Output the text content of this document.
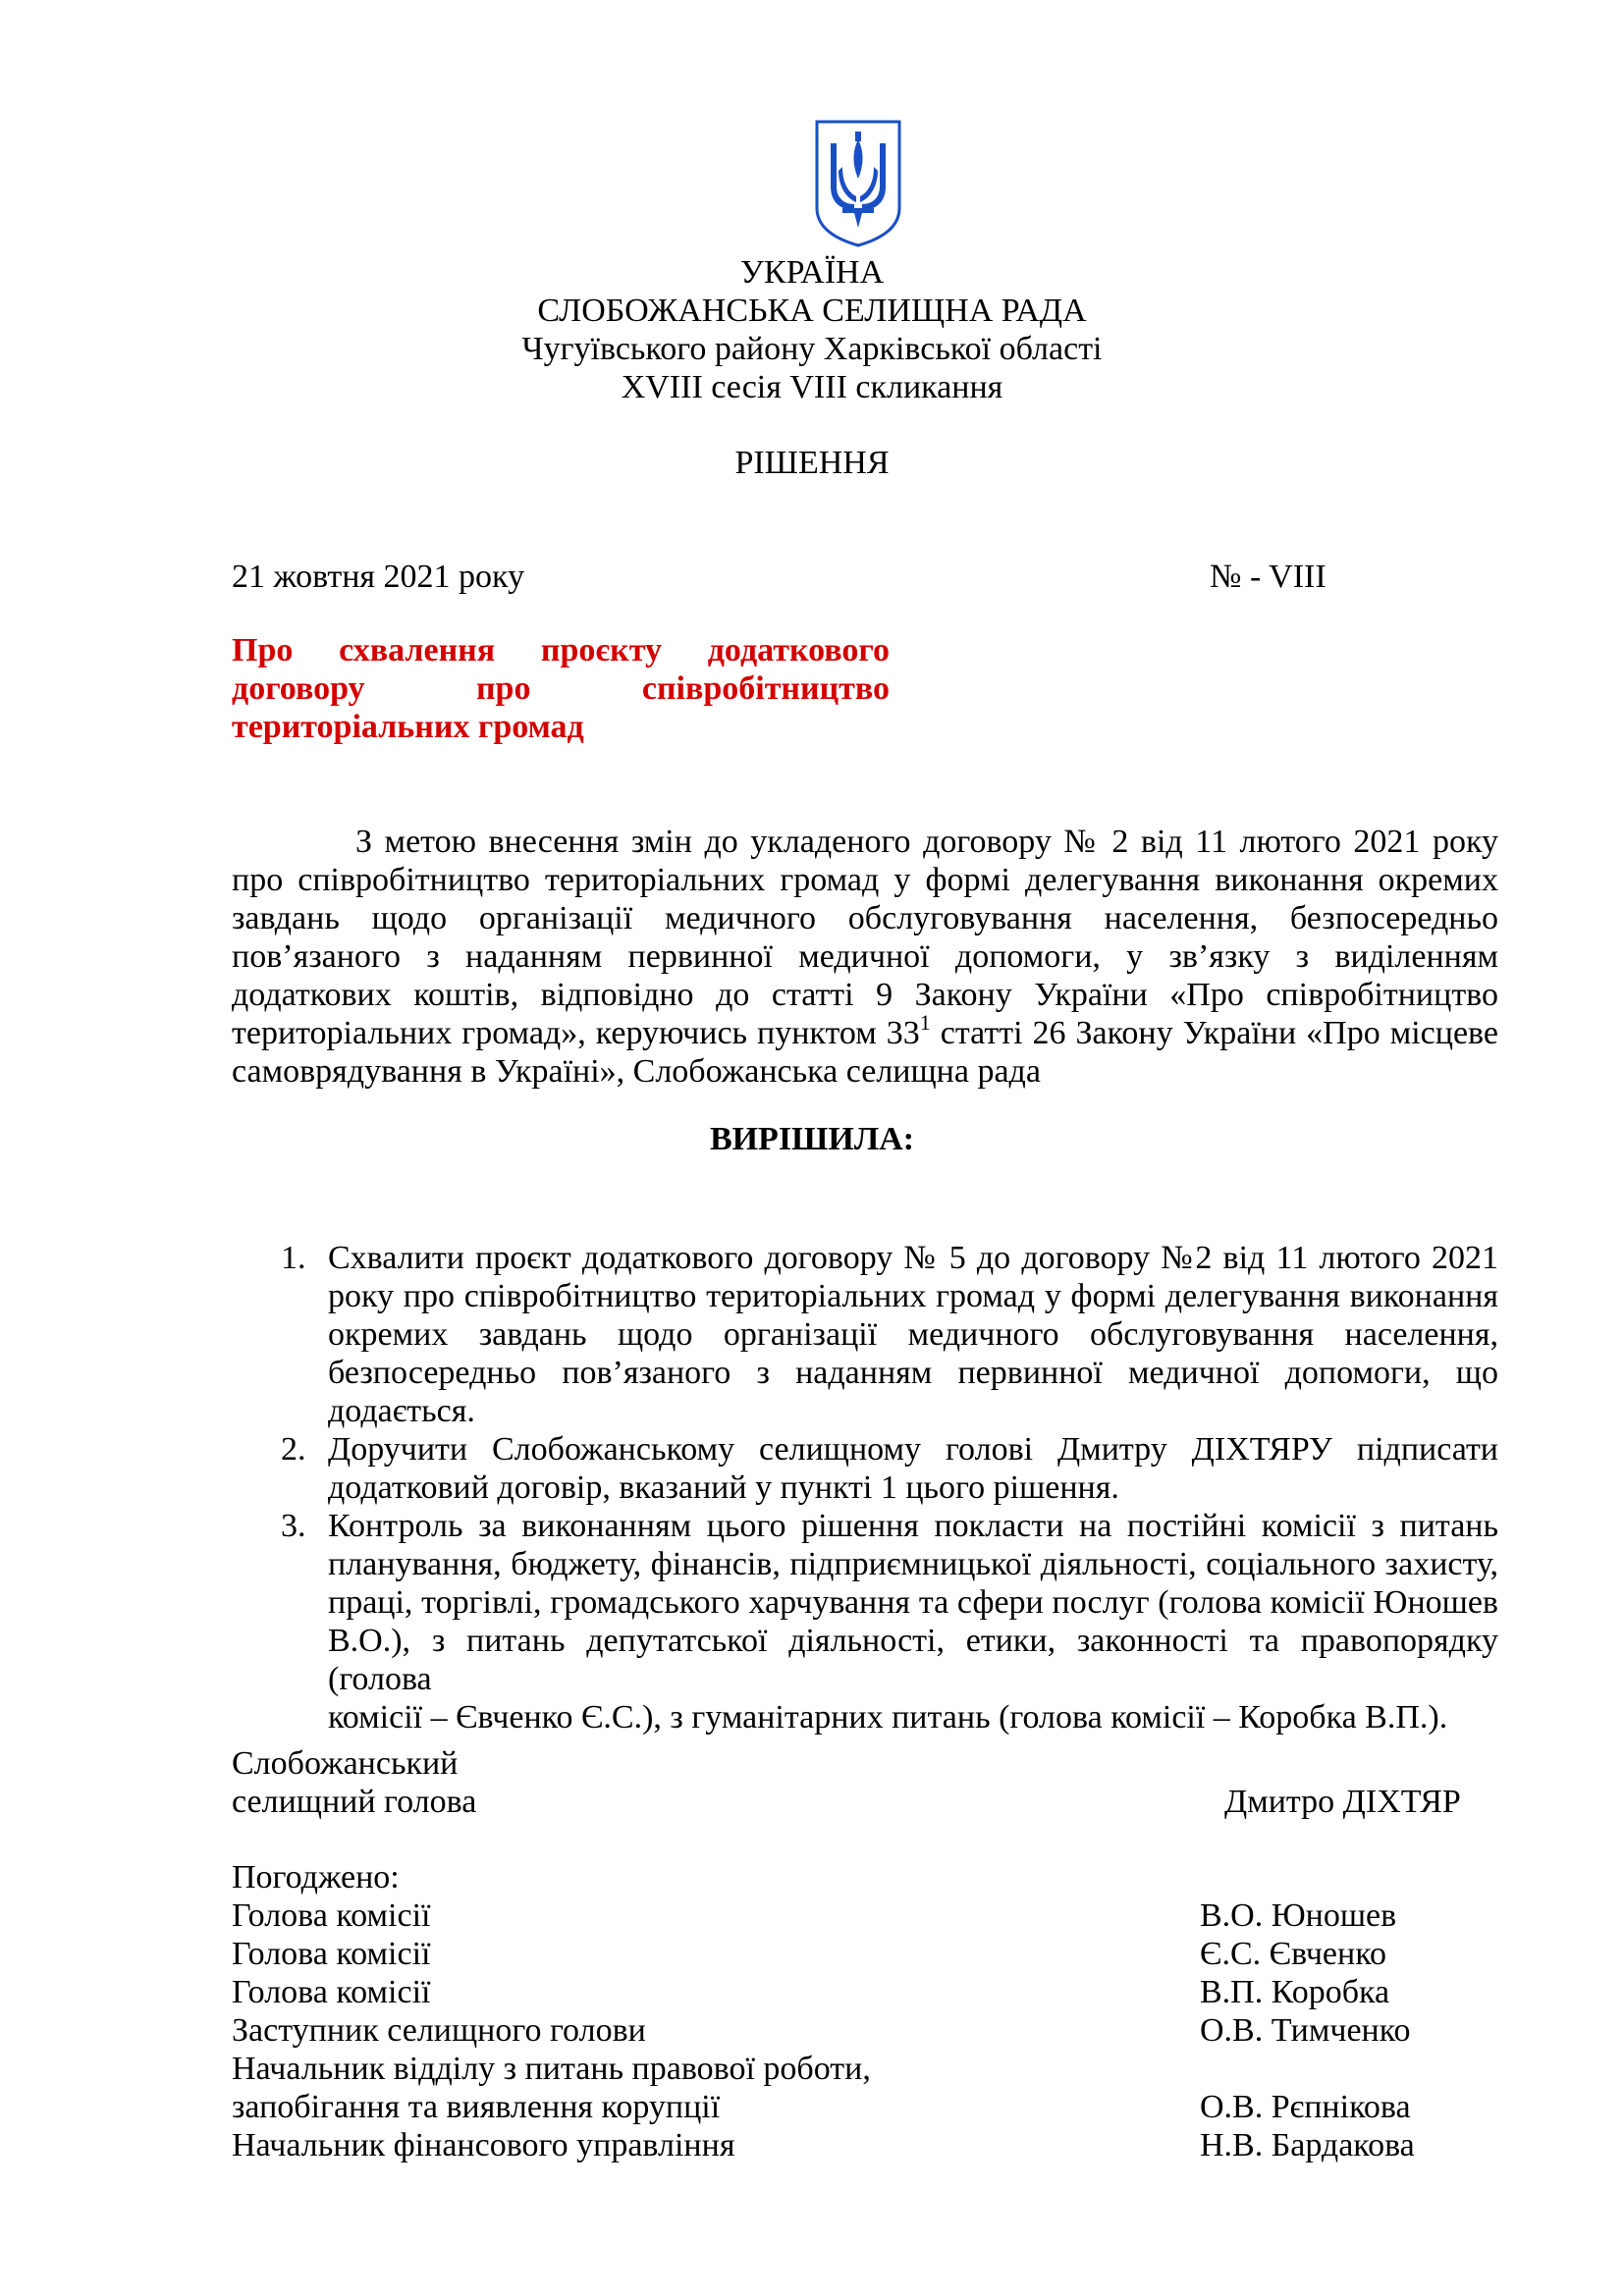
УКРАЇНА
СЛОБОЖАНСЬКА СЕЛИЩНА РАДА
Чугуївського району Харківської області
XVIII сесія VIII скликання
РІШЕННЯ
21 жовтня 2021 року	№ - VIII
Про схвалення проєкту додаткового
договору про співробітництво
територіальних громад
З метою внесення змін до укладеного договору № 2 від 11 лютого 2021 року
про співробітництво територіальних громад у формі делегування виконання окремих
завдань щодо організації медичного обслуговування населення, безпосередньо
пов’язаного з наданням первинної медичної допомоги, у зв’язку з виділенням
додаткових коштів, відповідно до статті 9 Закону України «Про співробітництво
територіальних громад», керуючись пунктом $33^1$ статті 26 Закону України «Про місцеве
самоврядування в Україні», Слобожанська селищна рада
ВИРІШИЛА:
1. Схвалити проєкт додаткового договору № 5 до договору №2 від 11 лютого 2021
року про співробітництво територіальних громад у формі делегування виконання
окремих завдань щодо організації медичного обслуговування населення,
безпосередньо пов’язаного з наданням первинної медичної допомоги, що
додається.
2. Доручити Слобожанському селищному голові Дмитру ДІХТЯРУ підписати
додатковий договір, вказаний у пункті 1 цього рішення.
3. Контроль за виконанням цього рішення покласти на постійні комісії з питань
планування, бюджету, фінансів, підприємницької діяльності, соціального захисту,
праці, торгівлі, громадського харчування та сфери послуг (голова комісії Юношев
В.О.), з питань депутатської діяльності, етики, законності та правопорядку (голова
комісії – Євченко Є.С.), з гуманітарних питань (голова комісії – Коробка В.П.).
Слобожанський
селищний голова	Дмитро ДІХТЯР
Погоджено:
Голова комісії	В.О. Юношев
Голова комісії	Є.С. Євченко
Голова комісії	В.П. Коробка
Заступник селищного голови	О.В. Тимченко
Начальник відділу з питань правової роботи,
запобігання та виявлення корупції	О.В. Рєпнікова
Начальник фінансового управління	Н.В. Бардакова
